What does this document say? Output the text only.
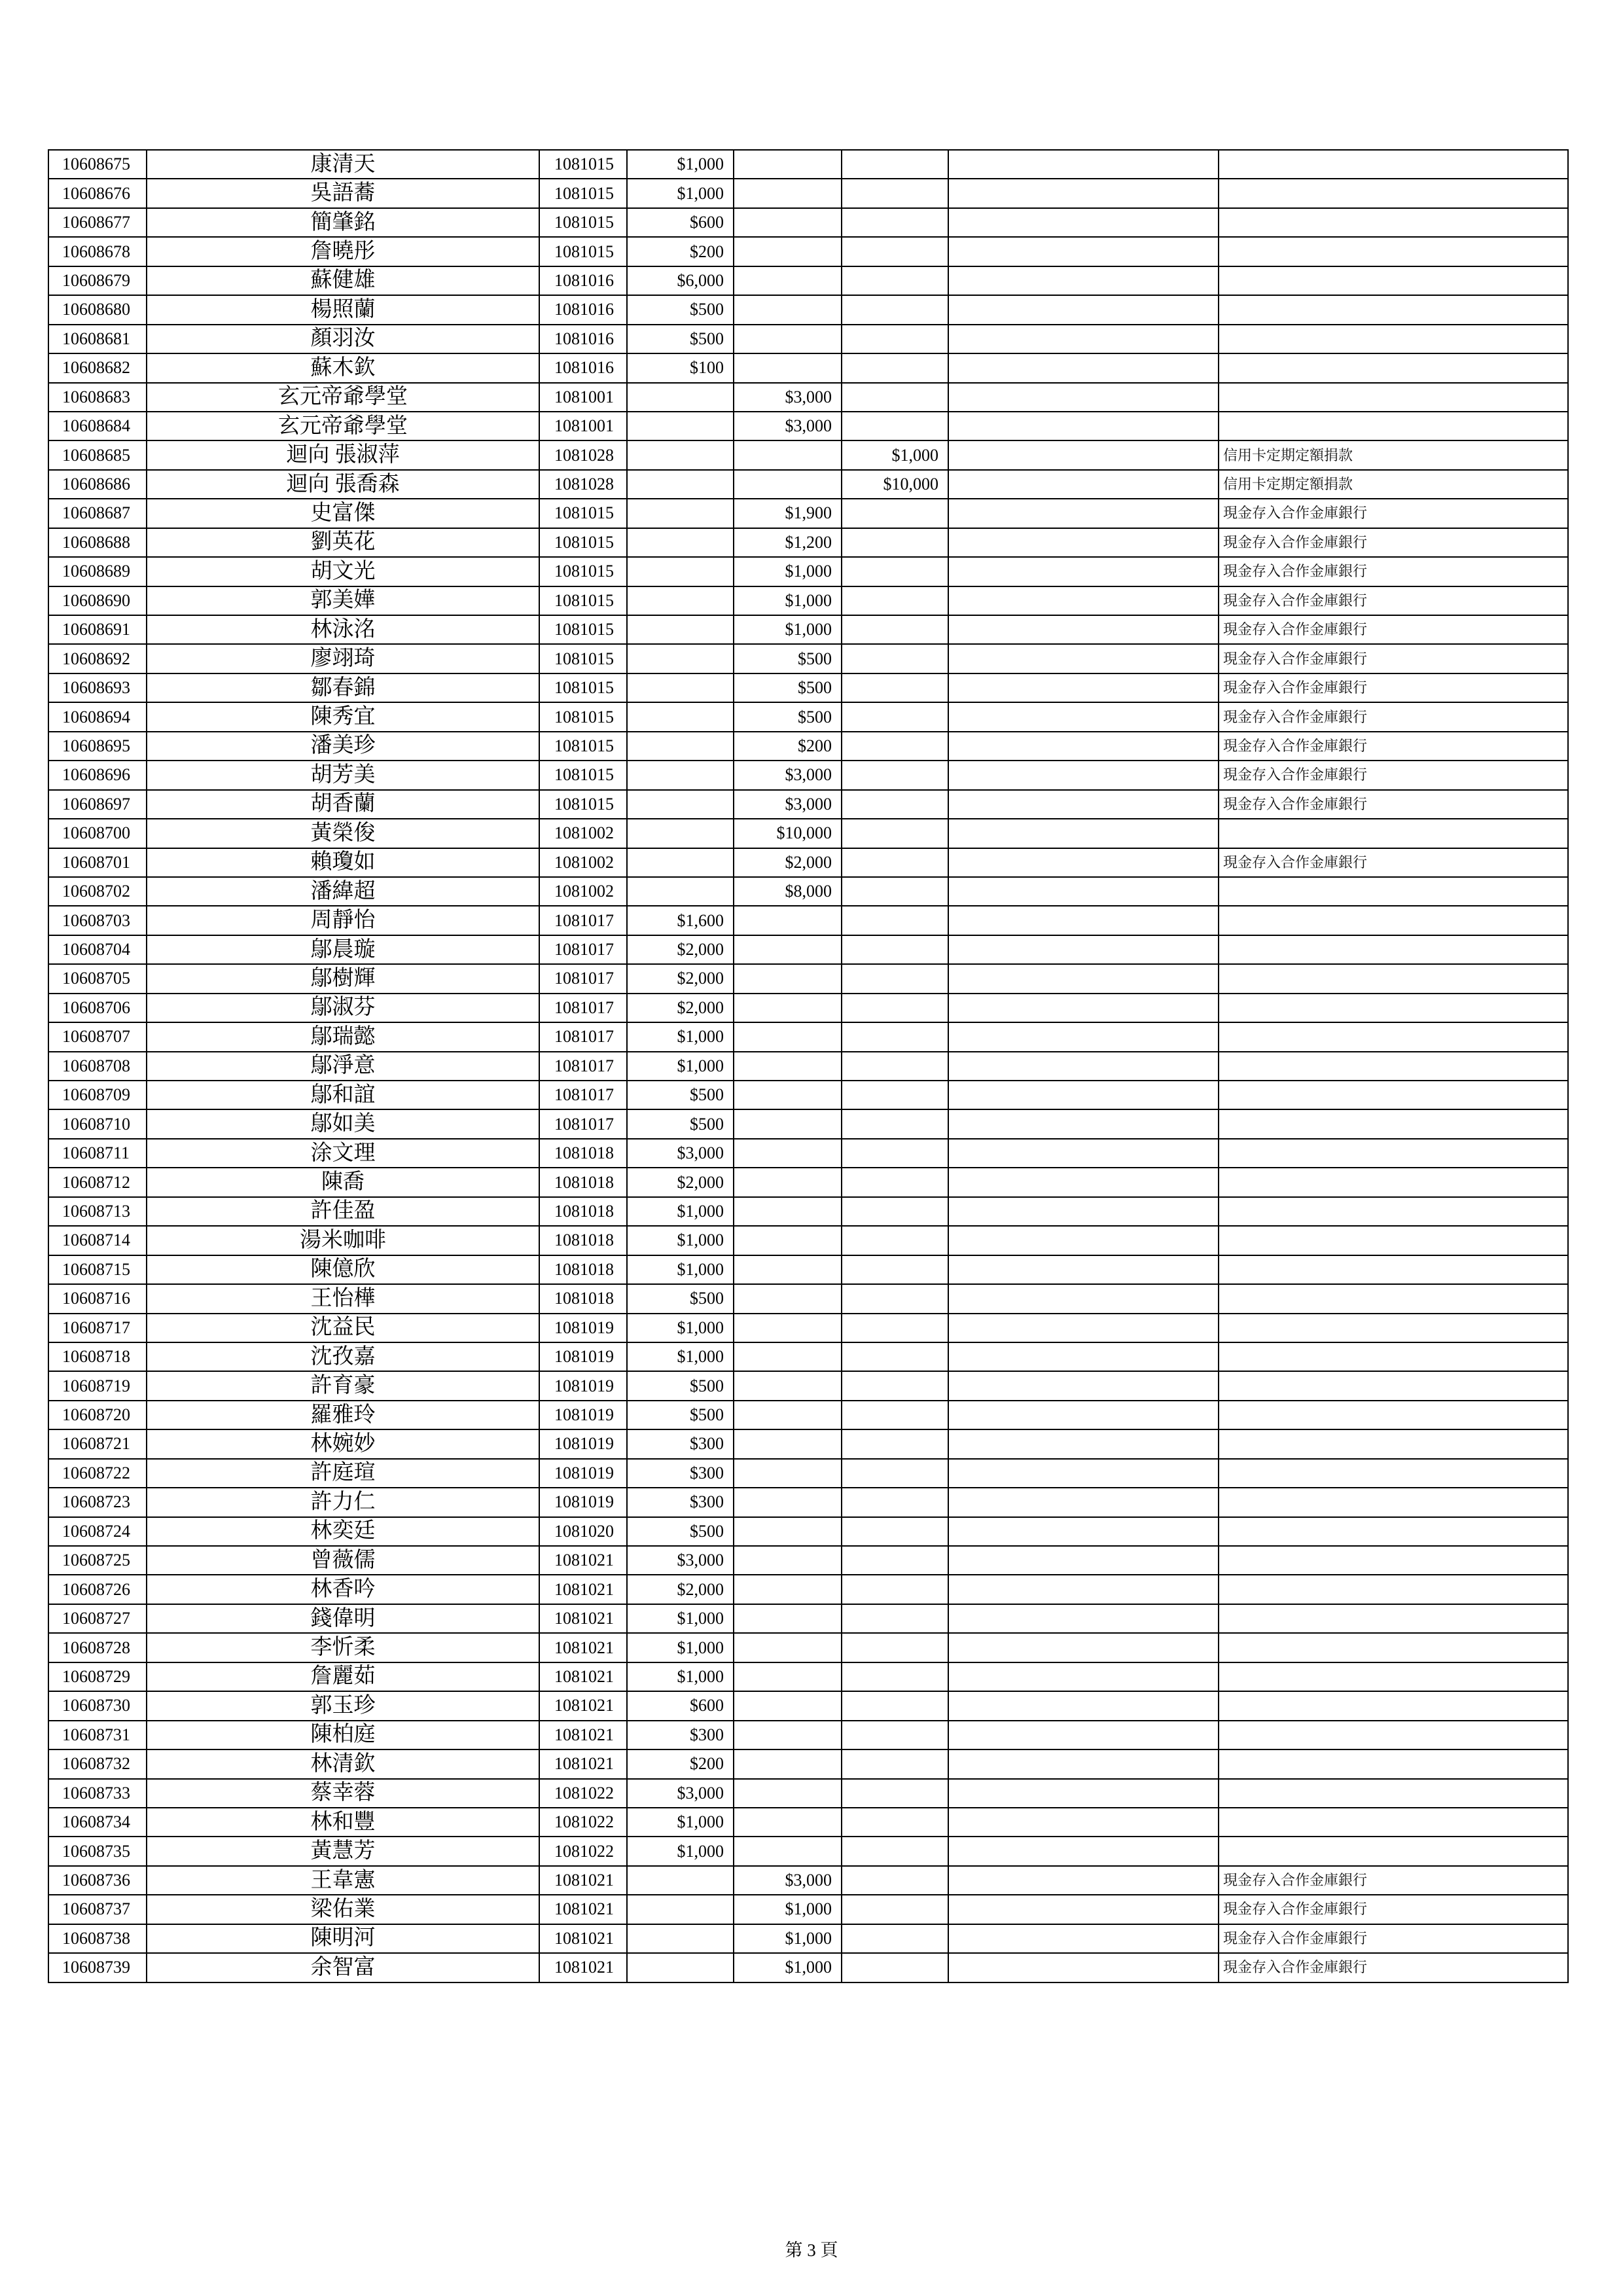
10608675	康清天	1081015	$1,000				
10608676	吳語蕎	1081015	$1,000				
10608677	簡肇銘	1081015	$600				
10608678	詹曉彤	1081015	$200				
10608679	蘇健雄	1081016	$6,000				
10608680	楊照蘭	1081016	$500				
10608681	顏羽汝	1081016	$500				
10608682	蘇木欽	1081016	$100				
10608683	玄元帝爺學堂	1081001		$3,000			
10608684	玄元帝爺學堂	1081001		$3,000			
10608685	迴向 張淑萍	1081028			$1,000		信用卡定期定額捐款
10608686	迴向 張喬森	1081028			$10,000		信用卡定期定額捐款
10608687	史富傑	1081015		$1,900			現金存入合作金庫銀行
10608688	劉英花	1081015		$1,200			現金存入合作金庫銀行
10608689	胡文光	1081015		$1,000			現金存入合作金庫銀行
10608690	郭美嬅	1081015		$1,000			現金存入合作金庫銀行
10608691	林泳洺	1081015		$1,000			現金存入合作金庫銀行
10608692	廖翊琦	1081015		$500			現金存入合作金庫銀行
10608693	鄒春錦	1081015		$500			現金存入合作金庫銀行
10608694	陳秀宜	1081015		$500			現金存入合作金庫銀行
10608695	潘美珍	1081015		$200			現金存入合作金庫銀行
10608696	胡芳美	1081015		$3,000			現金存入合作金庫銀行
10608697	胡香蘭	1081015		$3,000			現金存入合作金庫銀行
10608700	黃榮俊	1081002		$10,000			
10608701	賴瓊如	1081002		$2,000			現金存入合作金庫銀行
10608702	潘緯超	1081002		$8,000			
10608703	周靜怡	1081017	$1,600				
10608704	鄔晨璇	1081017	$2,000				
10608705	鄔樹輝	1081017	$2,000				
10608706	鄔淑芬	1081017	$2,000				
10608707	鄔瑞懿	1081017	$1,000				
10608708	鄔淨意	1081017	$1,000				
10608709	鄔和誼	1081017	$500				
10608710	鄔如美	1081017	$500				
10608711	涂文理	1081018	$3,000				
10608712	陳喬	1081018	$2,000				
10608713	許佳盈	1081018	$1,000				
10608714	湯米咖啡	1081018	$1,000				
10608715	陳億欣	1081018	$1,000				
10608716	王怡樺	1081018	$500				
10608717	沈益民	1081019	$1,000				
10608718	沈孜嘉	1081019	$1,000				
10608719	許育豪	1081019	$500				
10608720	羅雅玲	1081019	$500				
10608721	林婉妙	1081019	$300				
10608722	許庭瑄	1081019	$300				
10608723	許力仁	1081019	$300				
10608724	林奕廷	1081020	$500				
10608725	曾薇儒	1081021	$3,000				
10608726	林香吟	1081021	$2,000				
10608727	錢偉明	1081021	$1,000				
10608728	李忻柔	1081021	$1,000				
10608729	詹麗茹	1081021	$1,000				
10608730	郭玉珍	1081021	$600				
10608731	陳柏庭	1081021	$300				
10608732	林清欽	1081021	$200				
10608733	蔡幸蓉	1081022	$3,000				
10608734	林和豐	1081022	$1,000				
10608735	黃慧芳	1081022	$1,000				
10608736	王韋憲	1081021		$3,000			現金存入合作金庫銀行
10608737	梁佑業	1081021		$1,000			現金存入合作金庫銀行
10608738	陳明河	1081021		$1,000			現金存入合作金庫銀行
10608739	余智富	1081021		$1,000			現金存入合作金庫銀行
第 3 頁
